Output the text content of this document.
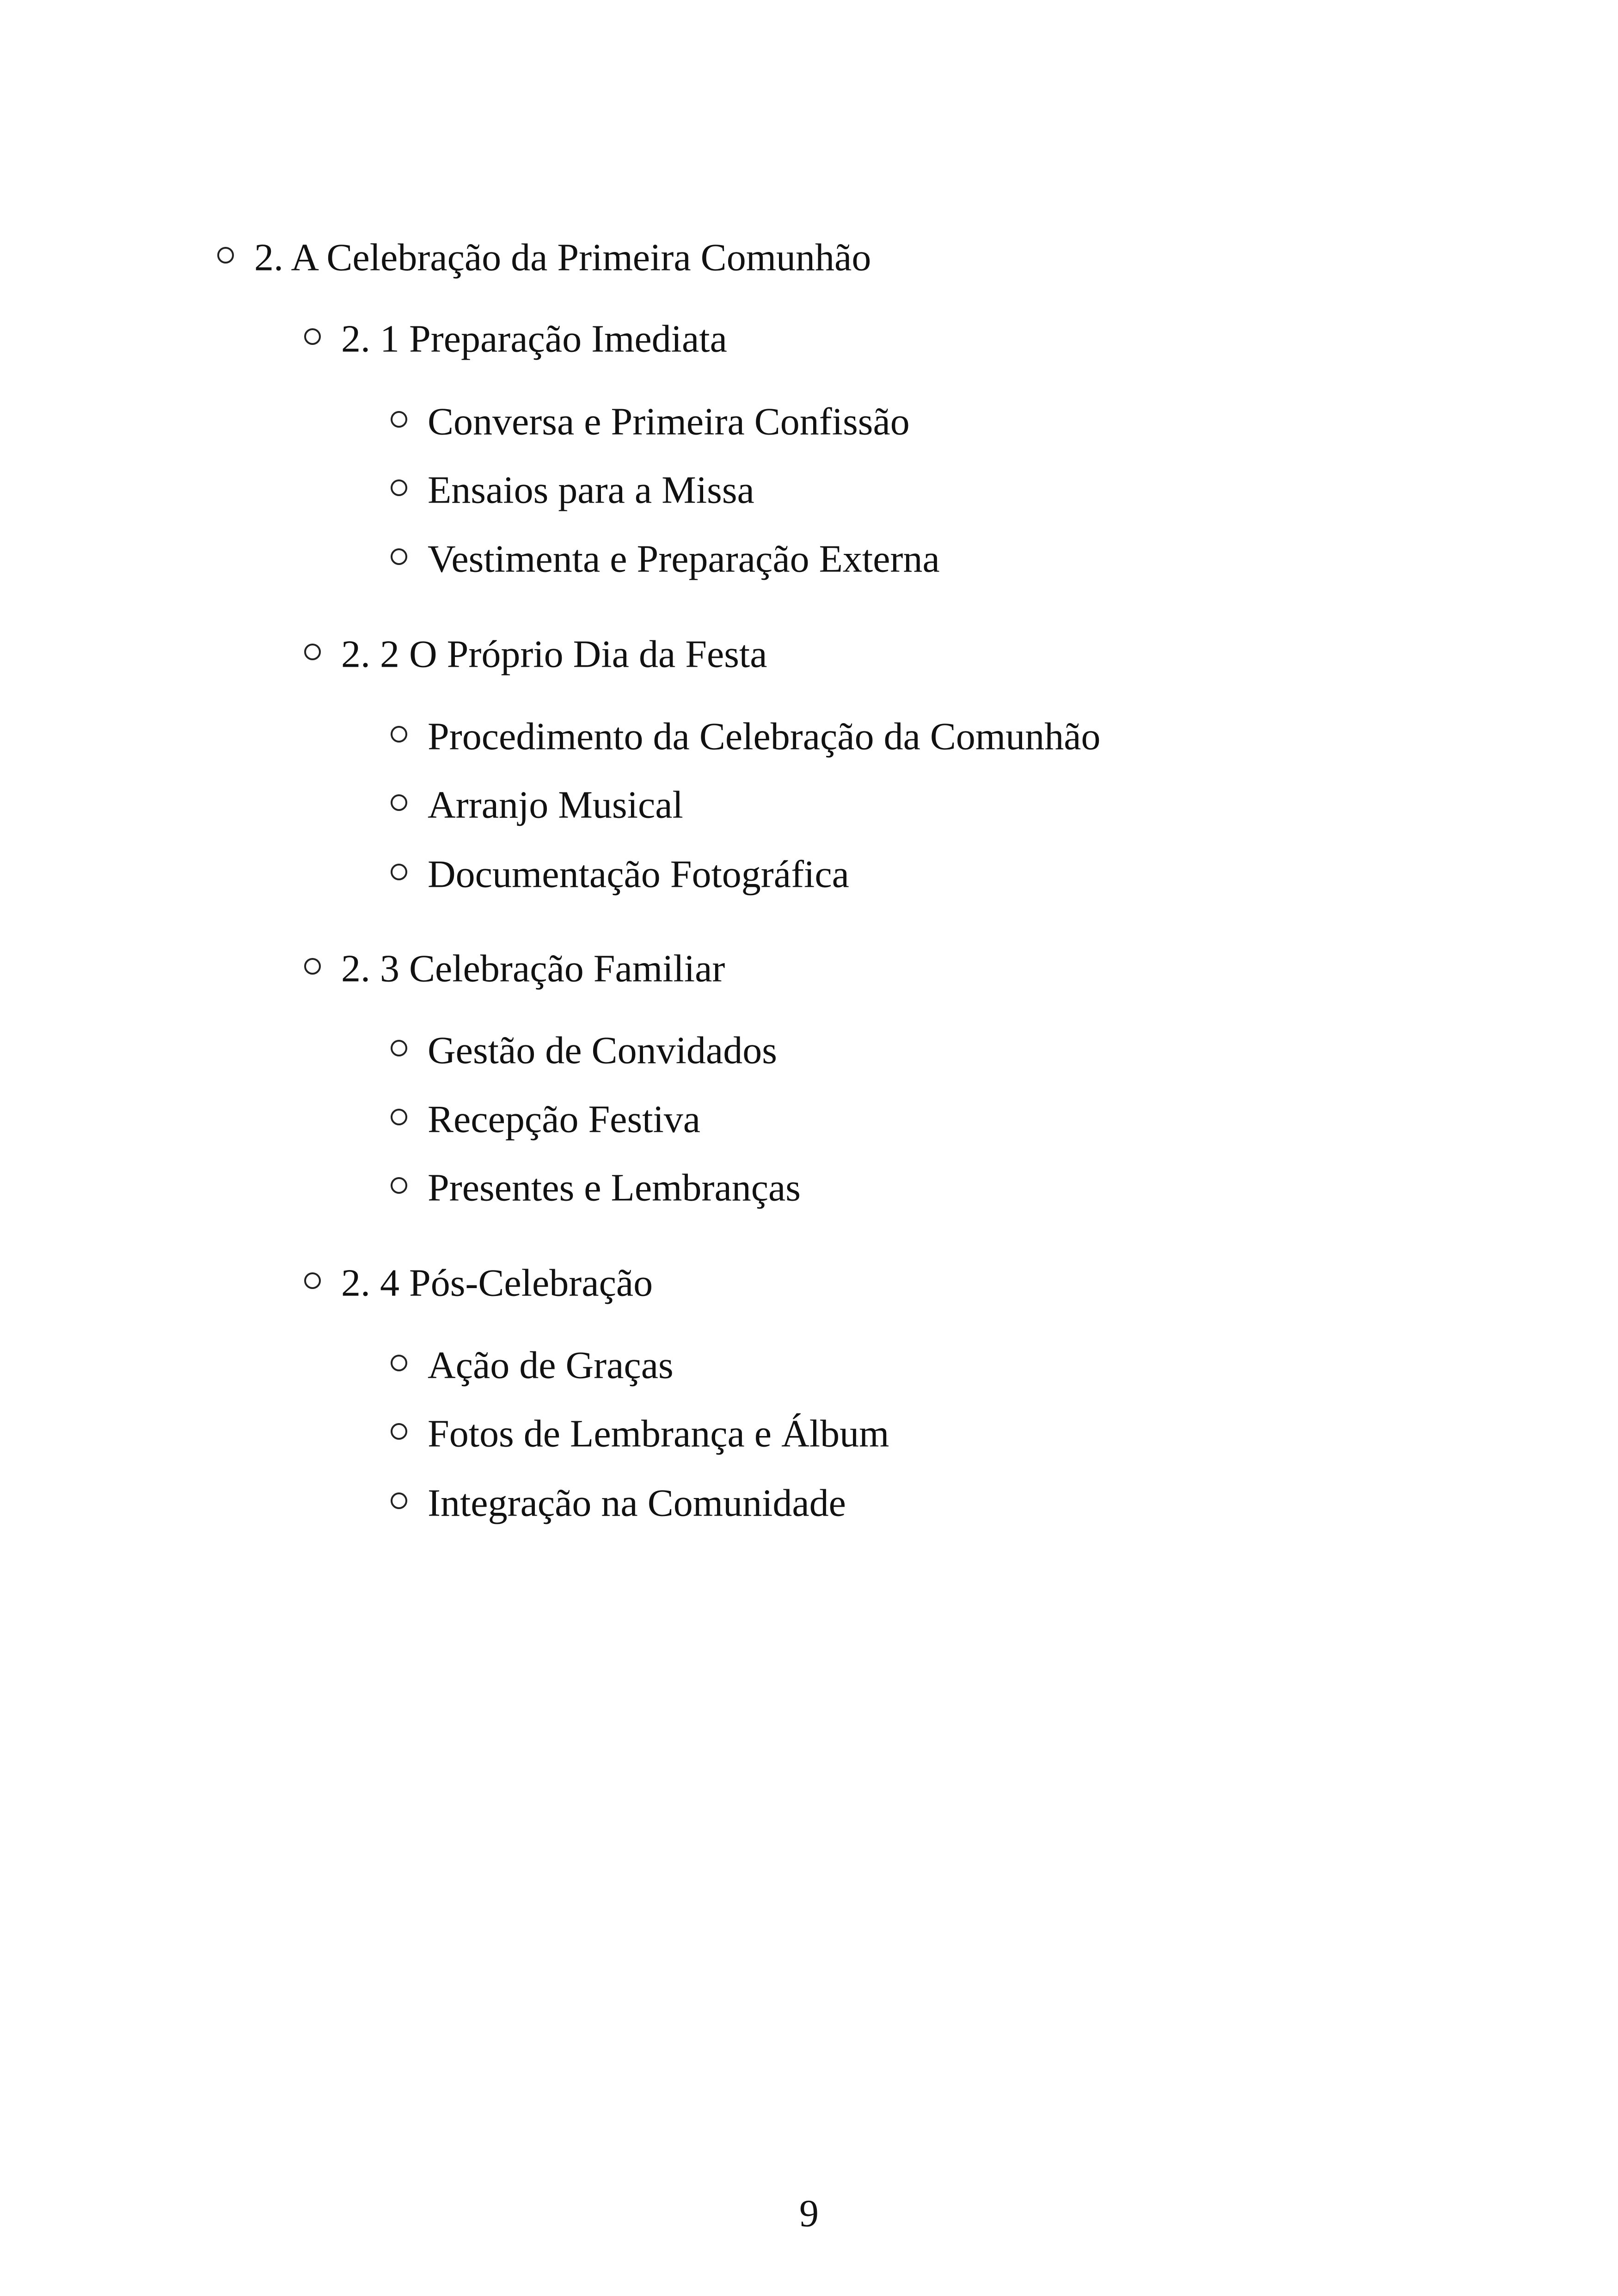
2. A Celebração da Primeira Comunhão
2. 1 Preparação Imediata
Conversa e Primeira Confissão
Ensaios para a Missa
Vestimenta e Preparação Externa
2. 2 O Próprio Dia da Festa
Procedimento da Celebração da Comunhão
Arranjo Musical
Documentação Fotográfica
2. 3 Celebração Familiar
Gestão de Convidados
Recepção Festiva
Presentes e Lembranças
2. 4 Pós-Celebração
Ação de Graças
Fotos de Lembrança e Álbum
Integração na Comunidade
9
